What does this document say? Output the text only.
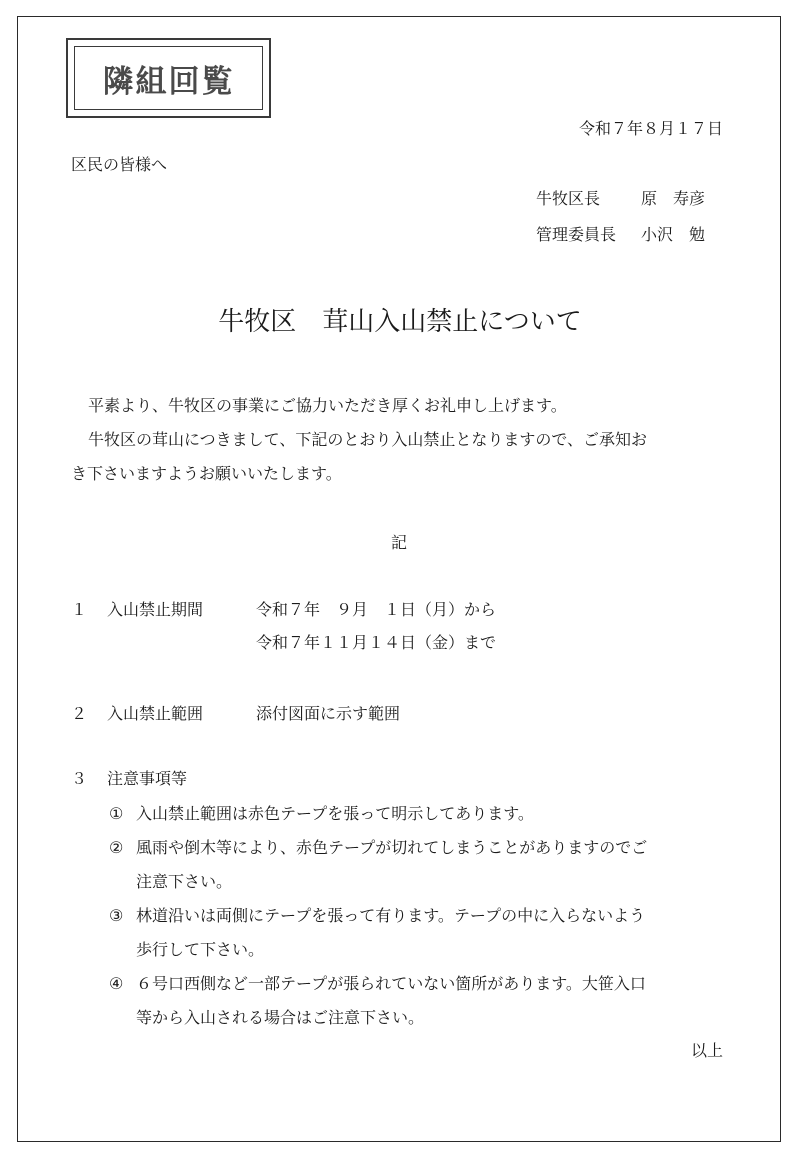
隣組回覧
令和７年８月１７日
区民の皆様へ
牛牧区長	原　寿彦
管理委員長 小沢　勉
牛牧区　茸山入山禁止について
平素より、牛牧区の事業にご協力いただき厚くお礼申し上げます。
牛牧区の茸山につきまして、下記のとおり入山禁止となりますので、ご承知お
き下さいますようお願いいたします。
記
１ 入山禁止期間	令和７年　９月　１日（月）から
令和７年１１月１４日（金）まで
２ 入山禁止範囲	添付図面に示す範囲
３ 注意事項等
① 入山禁止範囲は赤色テープを張って明示してあります。
② 風雨や倒木等により、赤色テープが切れてしまうことがありますのでご
注意下さい。
③ 林道沿いは両側にテープを張って有ります。テープの中に入らないよう
歩行して下さい。
④ ６号口西側など一部テープが張られていない箇所があります。大笹入口
等から入山される場合はご注意下さい。
以上
